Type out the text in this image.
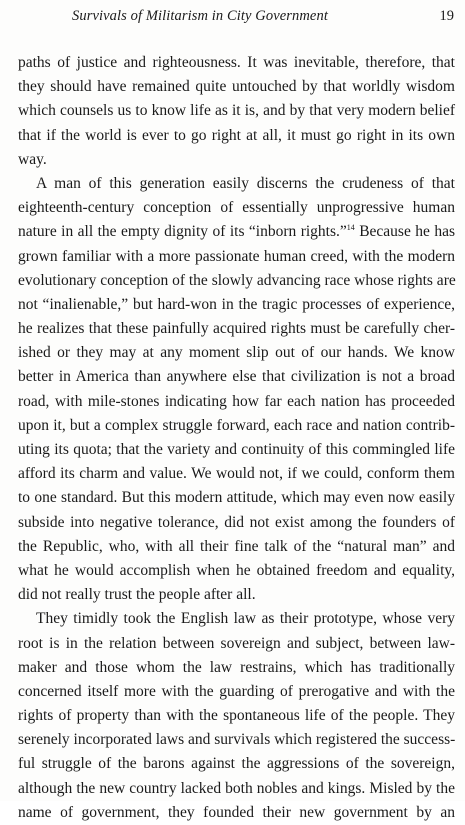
Survivals of Militarism in City Government	19

paths of justice and righteousness. It was inevitable, therefore, that
they should have remained quite untouched by that worldly wisdom
which counsels us to know life as it is, and by that very modern belief
that if the world is ever to go right at all, it must go right in its own
way.

A man of this generation easily discerns the crudeness of that
eighteenth-century conception of essentially unprogressive human
nature in all the empty dignity of its “inborn rights.”$^{14}$ Because he has
grown familiar with a more passionate human creed, with the modern
evolutionary conception of the slowly advancing race whose rights are
not “inalienable,” but hard-won in the tragic processes of experience,
he realizes that these painfully acquired rights must be carefully cher-
ished or they may at any moment slip out of our hands. We know
better in America than anywhere else that civilization is not a broad
road, with mile-stones indicating how far each nation has proceeded
upon it, but a complex struggle forward, each race and nation contrib-
uting its quota; that the variety and continuity of this commingled life
afford its charm and value. We would not, if we could, conform them
to one standard. But this modern attitude, which may even now easily
subside into negative tolerance, did not exist among the founders of
the Republic, who, with all their fine talk of the “natural man” and
what he would accomplish when he obtained freedom and equality,
did not really trust the people after all.

They timidly took the English law as their prototype, whose very
root is in the relation between sovereign and subject, between law-
maker and those whom the law restrains, which has traditionally
concerned itself more with the guarding of prerogative and with the
rights of property than with the spontaneous life of the people. They
serenely incorporated laws and survivals which registered the success-
ful struggle of the barons against the aggressions of the sovereign,
although the new country lacked both nobles and kings. Misled by the
name of government, they founded their new government by an
